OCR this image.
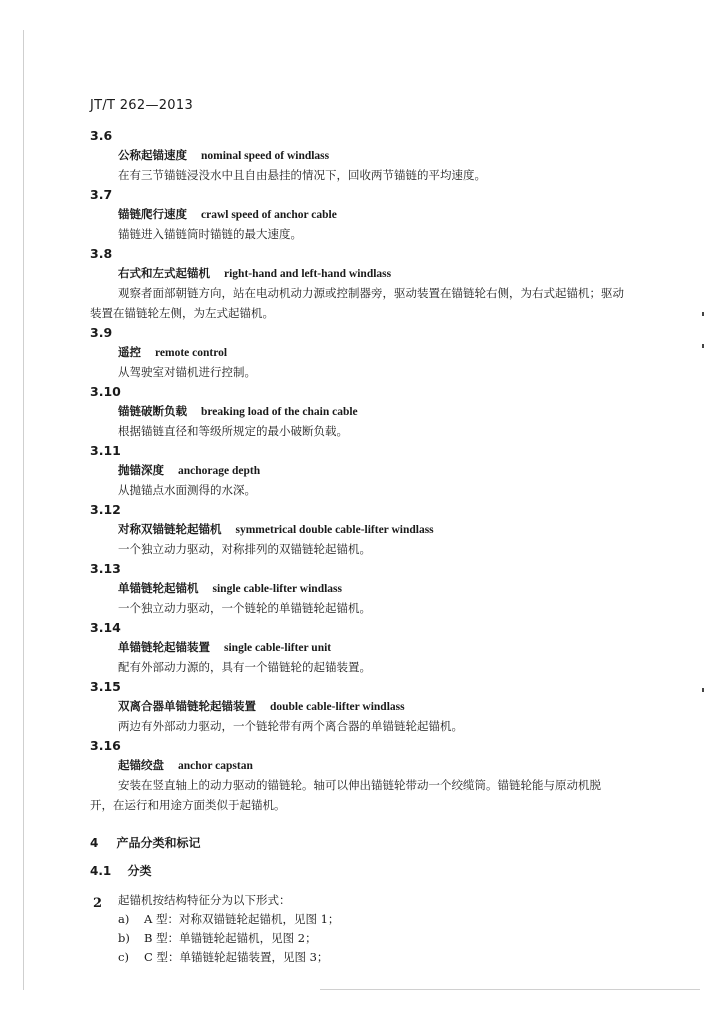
JT/T 262—2013
3.6
公称起锚速度 nominal speed of windlass
在有三节锚链浸没水中且自由悬挂的情况下，回收两节锚链的平均速度。
3.7
锚链爬行速度 crawl speed of anchor cable
锚链进入锚链筒时锚链的最大速度。
3.8
右式和左式起锚机 right-hand and left-hand windlass
观察者面部朝链方向，站在电动机动力源或控制器旁，驱动装置在锚链轮右侧，为右式起锚机；驱动
装置在锚链轮左侧，为左式起锚机。
3.9
遥控 remote control
从驾驶室对锚机进行控制。
3.10
锚链破断负载 breaking load of the chain cable
根据锚链直径和等级所规定的最小破断负载。
3.11
抛锚深度 anchorage depth
从抛锚点水面测得的水深。
3.12
对称双锚链轮起锚机 symmetrical double cable-lifter windlass
一个独立动力驱动，对称排列的双锚链轮起锚机。
3.13
单锚链轮起锚机 single cable-lifter windlass
一个独立动力驱动，一个链轮的单锚链轮起锚机。
3.14
单锚链轮起锚装置 single cable-lifter unit
配有外部动力源的，具有一个锚链轮的起锚装置。
3.15
双离合器单锚链轮起锚装置 double cable-lifter windlass
两边有外部动力驱动，一个链轮带有两个离合器的单锚链轮起锚机。
3.16
起锚绞盘 anchor capstan
安装在竖直轴上的动力驱动的锚链轮。轴可以伸出锚链轮带动一个绞缆筒。锚链轮能与原动机脱
开，在运行和用途方面类似于起锚机。
4 产品分类和标记
4.1 分类
起锚机按结构特征分为以下形式：
a) A 型：对称双锚链轮起锚机，见图 1；
b) B 型：单锚链轮起锚机，见图 2；
c) C 型：单锚链轮起锚装置，见图 3；
2
